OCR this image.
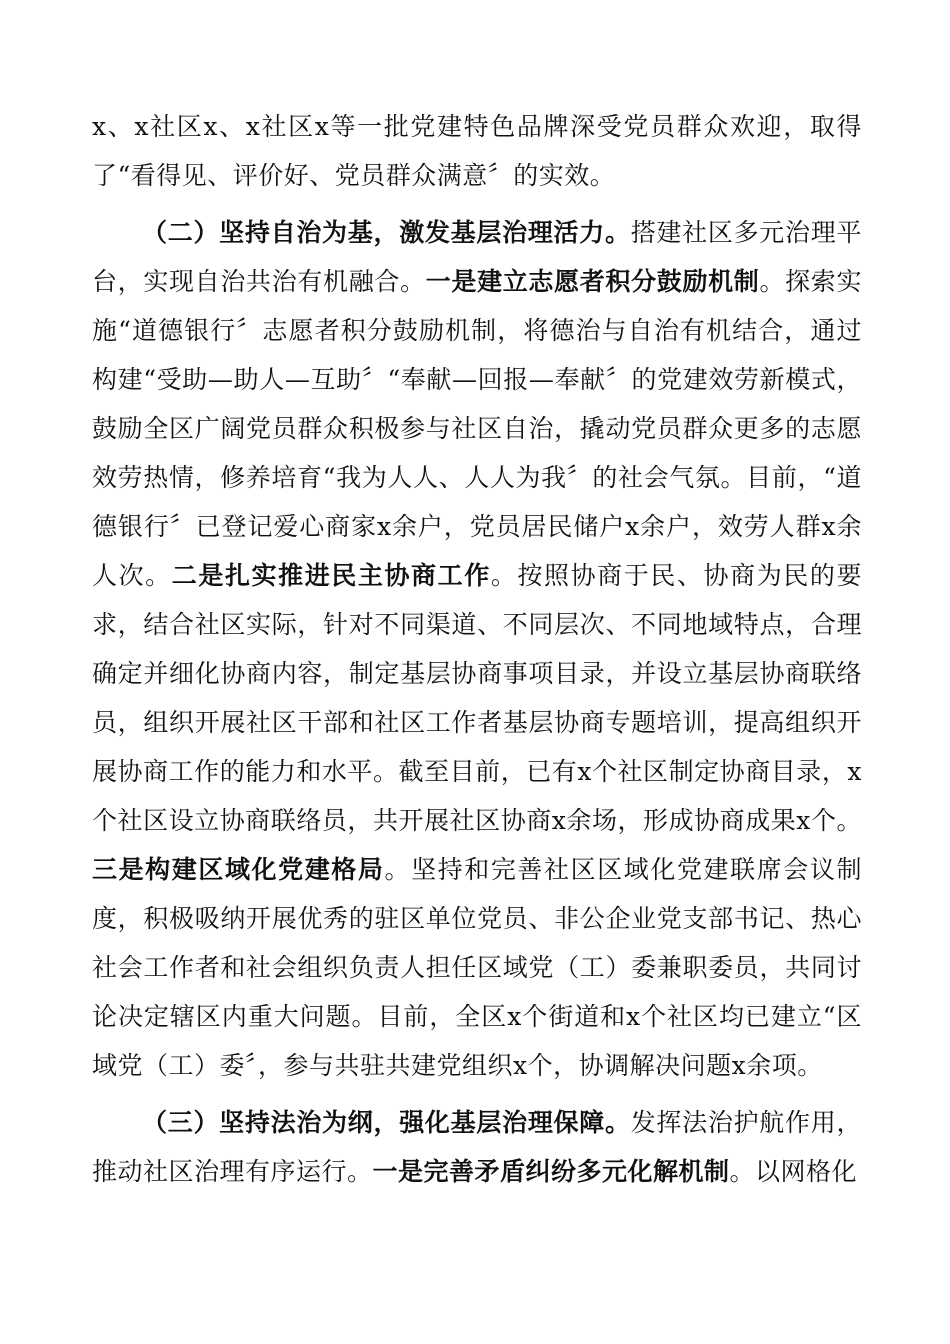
x、x社区x、x社区x等一批党建特色品牌深受党员群众欢迎，取得了“看得见、评价好、党员群众满意〞的实效。

（二）坚持自治为基，激发基层治理活力。搭建社区多元治理平台，实现自治共治有机融合。一是建立志愿者积分鼓励机制。探索实施“道德银行〞志愿者积分鼓励机制，将德治与自治有机结合，通过构建“受助—助人—互助〞“奉献—回报—奉献〞的党建效劳新模式，鼓励全区广阔党员群众积极参与社区自治，撬动党员群众更多的志愿效劳热情，修养培育“我为人人、人人为我〞的社会气氛。目前，“道德银行〞已登记爱心商家x余户，党员居民储户x余户，效劳人群x余人次。二是扎实推进民主协商工作。按照协商于民、协商为民的要求，结合社区实际，针对不同渠道、不同层次、不同地域特点，合理确定并细化协商内容，制定基层协商事项目录，并设立基层协商联络员，组织开展社区干部和社区工作者基层协商专题培训，提高组织开展协商工作的能力和水平。截至目前，已有x个社区制定协商目录，x个社区设立协商联络员，共开展社区协商x余场，形成协商成果x个。三是构建区域化党建格局。坚持和完善社区区域化党建联席会议制度，积极吸纳开展优秀的驻区单位党员、非公企业党支部书记、热心社会工作者和社会组织负责人担任区域党（工）委兼职委员，共同讨论决定辖区内重大问题。目前，全区x个街道和x个社区均已建立“区域党（工）委〞，参与共驻共建党组织x个，协调解决问题x余项。

（三）坚持法治为纲，强化基层治理保障。发挥法治护航作用，推动社区治理有序运行。一是完善矛盾纠纷多元化解机制。以网格化
